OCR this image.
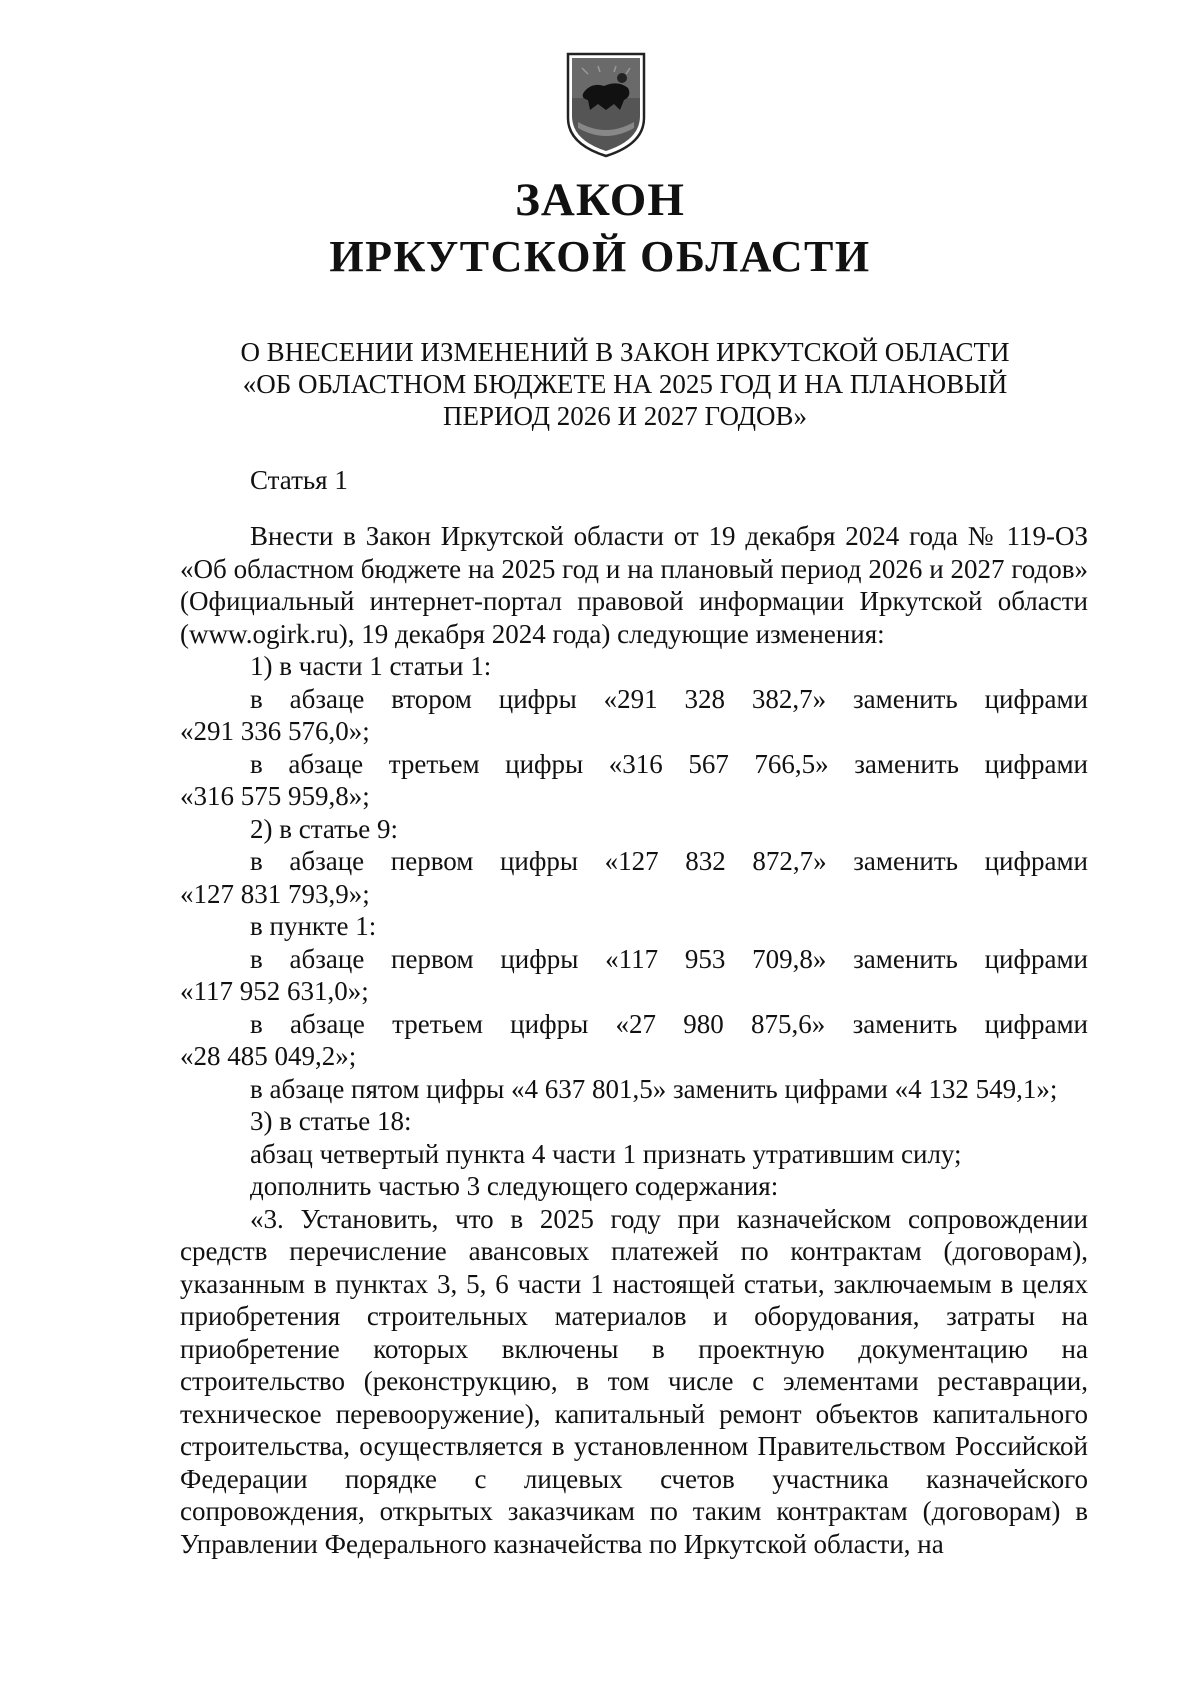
ЗАКОН
ИРКУТСКОЙ ОБЛАСТИ
О ВНЕСЕНИИ ИЗМЕНЕНИЙ В ЗАКОН ИРКУТСКОЙ ОБЛАСТИ
«ОБ ОБЛАСТНОМ БЮДЖЕТЕ НА 2025 ГОД И НА ПЛАНОВЫЙ
ПЕРИОД 2026 И 2027 ГОДОВ»
Статья 1

Внести в Закон Иркутской области от 19 декабря 2024 года № 119-ОЗ «Об областном бюджете на 2025 год и на плановый период 2026 и 2027 годов» (Официальный интернет-портал правовой информации Иркутской области (www.ogirk.ru), 19 декабря 2024 года) следующие изменения:

1) в части 1 статьи 1:

в абзаце втором цифры «291 328 382,7» заменить цифрами

«291 336 576,0»;

в абзаце третьем цифры «316 567 766,5» заменить цифрами

«316 575 959,8»;

2) в статье 9:

в абзаце первом цифры «127 832 872,7» заменить цифрами

«127 831 793,9»;

в пункте 1:

в абзаце первом цифры «117 953 709,8» заменить цифрами

«117 952 631,0»;

в абзаце третьем цифры «27 980 875,6» заменить цифрами

«28 485 049,2»;

в абзаце пятом цифры «4 637 801,5» заменить цифрами «4 132 549,1»;

3) в статье 18:

абзац четвертый пункта 4 части 1 признать утратившим силу;

дополнить частью 3 следующего содержания:

«3. Установить, что в 2025 году при казначейском сопровождении средств перечисление авансовых платежей по контрактам (договорам), указанным в пунктах 3, 5, 6 части 1 настоящей статьи, заключаемым в целях приобретения строительных материалов и оборудования, затраты на приобретение которых включены в проектную документацию на строительство (реконструкцию, в том числе с элементами реставрации, техническое перевооружение), капитальный ремонт объектов капитального строительства, осуществляется в установленном Правительством Российской Федерации порядке с лицевых счетов участника казначейского сопровождения, открытых заказчикам по таким контрактам (договорам) в Управлении Федерального казначейства по Иркутской области, на
